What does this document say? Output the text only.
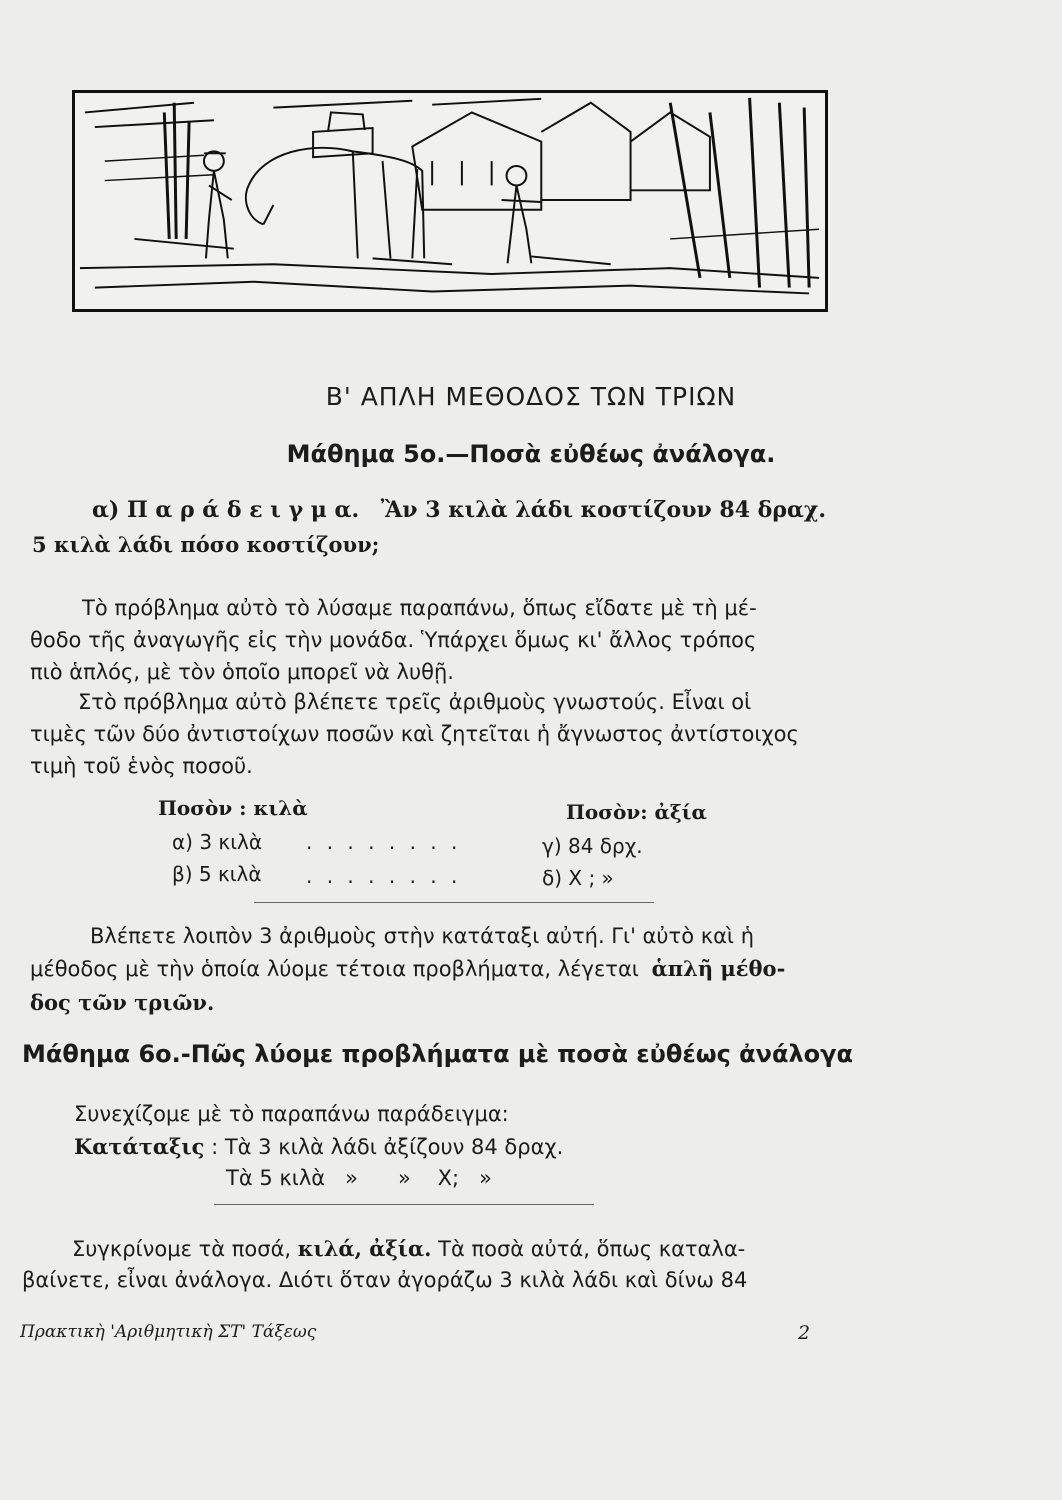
Β' ΑΠΛΗ ΜΕΘΟΔΟΣ ΤΩΝ ΤΡΙΩΝ
Μάθημα 5ο.—Ποσὰ εὐθέως ἀνάλογα.
α) Π α ρ ά δ ε ι γ μ α. Ἂν 3 κιλὰ λάδι κοστίζουν 84 δραχ.
5 κιλὰ λάδι πόσο κοστίζουν;
Τὸ πρόβλημα αὐτὸ τὸ λύσαμε παραπάνω, ὅπως εἴδατε μὲ τὴ μέ-
θοδο τῆς ἀναγωγῆς εἰς τὴν μονάδα. Ὑπάρχει ὅμως κι' ἄλλος τρόπος
πιὸ ἁπλός, μὲ τὸν ὁποῖο μπορεῖ νὰ λυθῇ.
Στὸ πρόβλημα αὐτὸ βλέπετε τρεῖς ἀριθμοὺς γνωστούς. Εἶναι οἱ
τιμὲς τῶν δύο ἀντιστοίχων ποσῶν καὶ ζητεῖται ἡ ἄγνωστος ἀντίστοιχος
τιμὴ τοῦ ἑνὸς ποσοῦ.
Ποσὸν : κιλὰ	Ποσὸν: ἀξία
α) 3 κιλὰ . . . . . . . .	γ) 84 δρχ.
β) 5 κιλὰ . . . . . . . .	δ) Χ ; »
Βλέπετε λοιπὸν 3 ἀριθμοὺς στὴν κατάταξι αὐτή. Γι' αὐτὸ καὶ ἡ
μέθοδος μὲ τὴν ὁποία λύομε τέτοια προβλήματα, λέγεται ἁπλῆ μέθο-
δος τῶν τριῶν.
Μάθημα 6ο.-Πῶς λύομε προβλήματα μὲ ποσὰ εὐθέως ἀνάλογα
Συνεχίζομε μὲ τὸ παραπάνω παράδειγμα:
Κατάταξις : Τὰ 3 κιλὰ λάδι ἀξίζουν 84 δραχ.
Τὰ 5 κιλὰ   »      »    Χ;   »
Συγκρίνομε τὰ ποσά, κιλά, ἀξία. Τὰ ποσὰ αὐτά, ὅπως καταλα-
βαίνετε, εἶναι ἀνάλογα. Διότι ὅταν ἀγοράζω 3 κιλὰ λάδι καὶ δίνω 84
Πρακτικὴ 'Αριθμητικὴ ΣΤ' Τάξεως	2
